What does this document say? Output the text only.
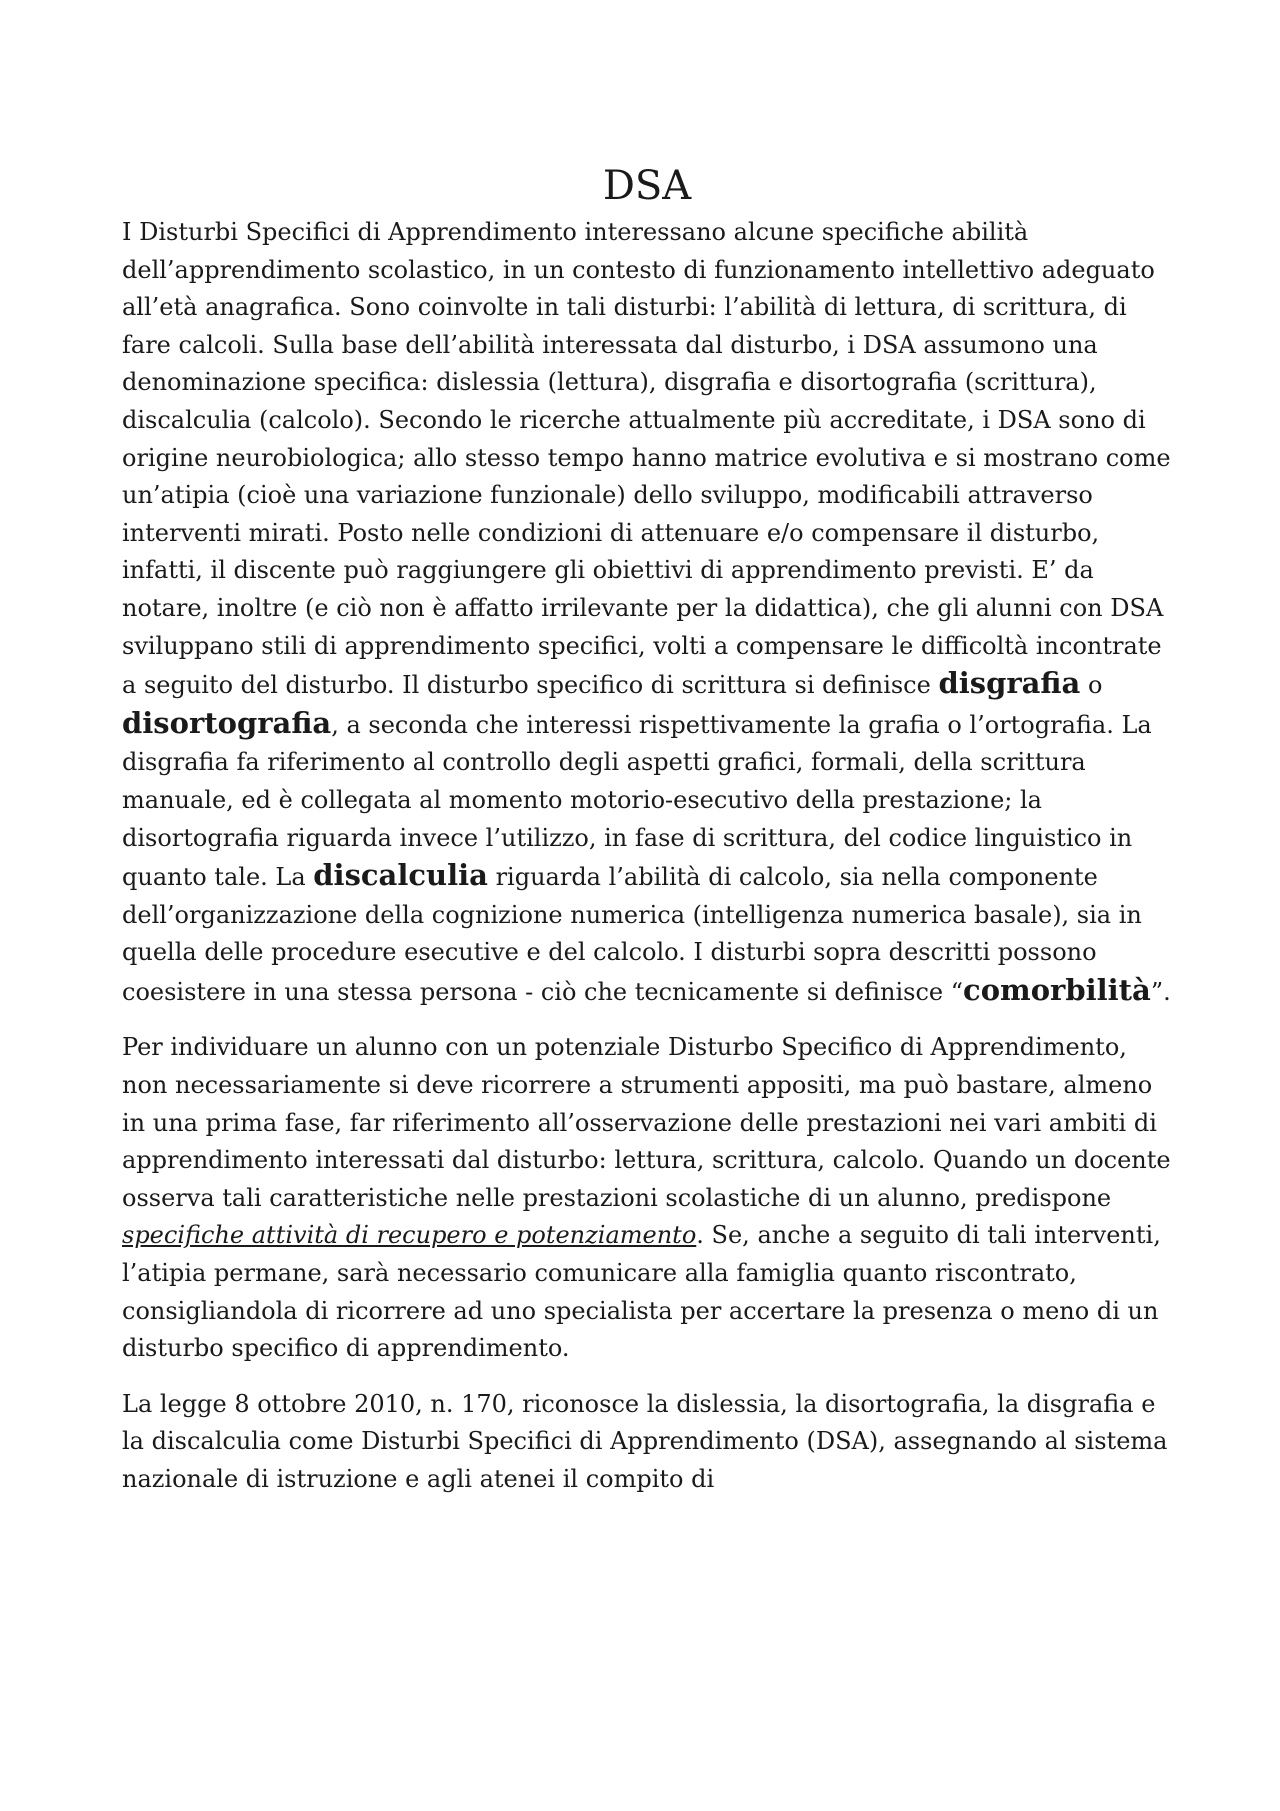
DSA

I Disturbi Specifici di Apprendimento interessano alcune specifiche abilità dell’apprendimento scolastico, in un contesto di funzionamento intellettivo adeguato all’età anagrafica. Sono coinvolte in tali disturbi: l’abilità di lettura, di scrittura, di fare calcoli. Sulla base dell’abilità interessata dal disturbo, i DSA assumono una denominazione specifica: dislessia (lettura), disgrafia e disortografia (scrittura), discalculia (calcolo). Secondo le ricerche attualmente più accreditate, i DSA sono di origine neurobiologica; allo stesso tempo hanno matrice evolutiva e si mostrano come un’atipia (cioè una variazione funzionale) dello sviluppo, modificabili attraverso interventi mirati. Posto nelle condizioni di attenuare e/o compensare il disturbo, infatti, il discente può raggiungere gli obiettivi di apprendimento previsti. E’ da notare, inoltre (e ciò non è affatto irrilevante per la didattica), che gli alunni con DSA sviluppano stili di apprendimento specifici, volti a compensare le difficoltà incontrate a seguito del disturbo. Il disturbo specifico di scrittura si definisce disgrafia o disortografia, a seconda che interessi rispettivamente la grafia o l’ortografia. La disgrafia fa riferimento al controllo degli aspetti grafici, formali, della scrittura manuale, ed è collegata al momento motorio-esecutivo della prestazione; la disortografia riguarda invece l’utilizzo, in fase di scrittura, del codice linguistico in quanto tale. La discalculia riguarda l’abilità di calcolo, sia nella componente dell’organizzazione della cognizione numerica (intelligenza numerica basale), sia in quella delle procedure esecutive e del calcolo. I disturbi sopra descritti possono coesistere in una stessa persona - ciò che tecnicamente si definisce “comorbilità”.

Per individuare un alunno con un potenziale Disturbo Specifico di Apprendimento, non necessariamente si deve ricorrere a strumenti appositi, ma può bastare, almeno in una prima fase, far riferimento all’osservazione delle prestazioni nei vari ambiti di apprendimento interessati dal disturbo: lettura, scrittura, calcolo. Quando un docente osserva tali caratteristiche nelle prestazioni scolastiche di un alunno, predispone specifiche attività di recupero e potenziamento. Se, anche a seguito di tali interventi, l’atipia permane, sarà necessario comunicare alla famiglia quanto riscontrato, consigliandola di ricorrere ad uno specialista per accertare la presenza o meno di un disturbo specifico di apprendimento.

La legge 8 ottobre 2010, n. 170, riconosce la dislessia, la disortografia, la disgrafia e la discalculia come Disturbi Specifici di Apprendimento (DSA), assegnando al sistema nazionale di istruzione e agli atenei il compito di
